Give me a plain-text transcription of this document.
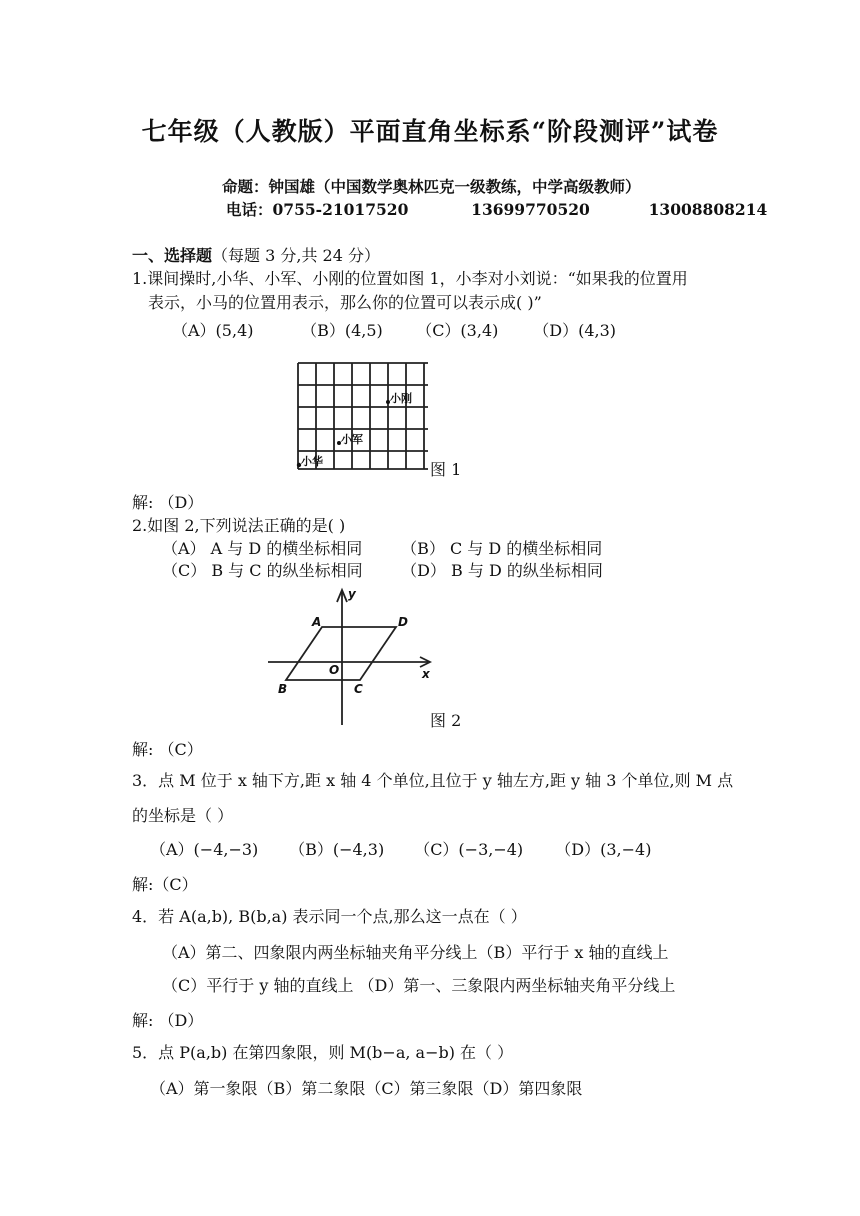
七年级（人教版）平面直角坐标系“阶段测评”试卷
命题：钟国雄（中国数学奥林匹克一级教练，中学高级教师）
电话：0755-21017520	13699770520	13008808214
一、选择题（每题 3 分,共 24 分）
1.课间操时,小华、小军、小刚的位置如图 1，小李对小刘说：“如果我的位置用
表示，小马的位置用表示，那么你的位置可以表示成( )”
（A）(5,4)	（B）(4,5) （C）(3,4) （D）(4,3)
小刚
小军
小华	图 1
解: （D）
2.如图 2,下列说法正确的是( )
（A） A 与 D 的横坐标相同 （B） C 与 D 的横坐标相同
（C） B 与 C 的纵坐标相同 （D） B 与 D 的纵坐标相同
y
x
A	D
O
B	C
图 2
解: （C）
3．点 M 位于 x 轴下方,距 x 轴 4 个单位,且位于 y 轴左方,距 y 轴 3 个单位,则 M 点
的坐标是（ ）
（A）(−4,−3) （B）(−4,3) （C）(−3,−4) （D）(3,−4)
解:（C）
4．若 A(a,b), B(b,a) 表示同一个点,那么这一点在（ ）
（A）第二、四象限内两坐标轴夹角平分线上（B）平行于 x 轴的直线上
（C）平行于 y 轴的直线上 （D）第一、三象限内两坐标轴夹角平分线上
解: （D）
5．点 P(a,b) 在第四象限，则 M(b−a, a−b) 在（ ）
（A）第一象限（B）第二象限（C）第三象限（D）第四象限
